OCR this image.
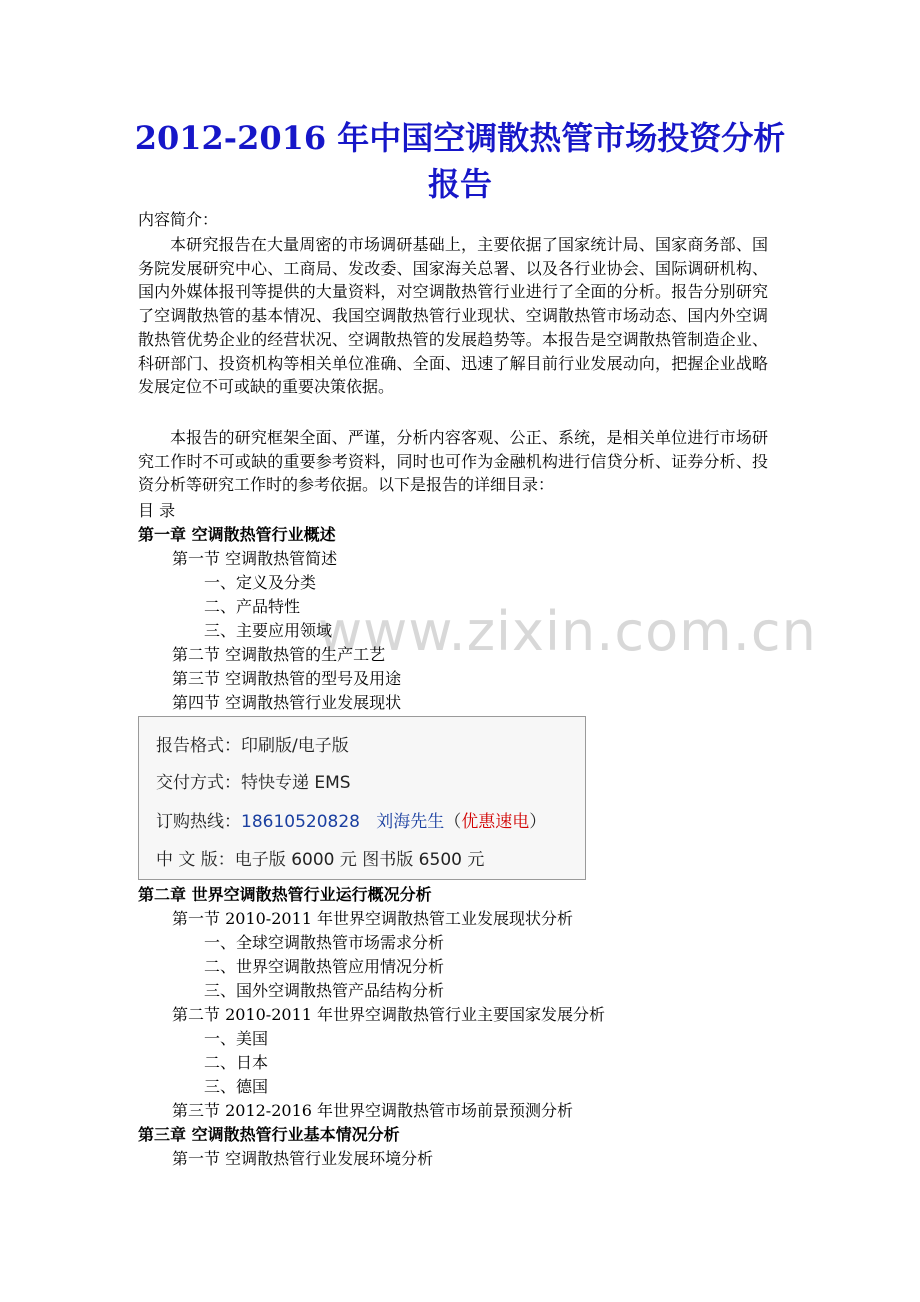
www.zixin.com.cn
2012-2016 年中国空调散热管市场投资分析
报告
内容简介：

本研究报告在大量周密的市场调研基础上，主要依据了国家统计局、国家商务部、国务院发展研究中心、工商局、发改委、国家海关总署、以及各行业协会、国际调研机构、国内外媒体报刊等提供的大量资料，对空调散热管行业进行了全面的分析。报告分别研究了空调散热管的基本情况、我国空调散热管行业现状、空调散热管市场动态、国内外空调散热管优势企业的经营状况、空调散热管的发展趋势等。本报告是空调散热管制造企业、科研部门、投资机构等相关单位准确、全面、迅速了解目前行业发展动向，把握企业战略发展定位不可或缺的重要决策依据。

本报告的研究框架全面、严谨，分析内容客观、公正、系统，是相关单位进行市场研究工作时不可或缺的重要参考资料，同时也可作为金融机构进行信贷分析、证券分析、投资分析等研究工作时的参考依据。以下是报告的详细目录：

目 录
第一章 空调散热管行业概述
第一节 空调散热管简述
一、定义及分类
二、产品特性
三、主要应用领域
第二节 空调散热管的生产工艺
第三节 空调散热管的型号及用途
第四节 空调散热管行业发展现状
报告格式：印刷版/电子版
交付方式：特快专递 EMS
订购热线：18610520828 刘海先生（优惠速电）
中 文 版：电子版 6000 元 图书版 6500 元
第二章 世界空调散热管行业运行概况分析
第一节 2010-2011 年世界空调散热管工业发展现状分析
一、全球空调散热管市场需求分析
二、世界空调散热管应用情况分析
三、国外空调散热管产品结构分析
第二节 2010-2011 年世界空调散热管行业主要国家发展分析
一、美国
二、日本
三、德国
第三节 2012-2016 年世界空调散热管市场前景预测分析
第三章 空调散热管行业基本情况分析
第一节 空调散热管行业发展环境分析
